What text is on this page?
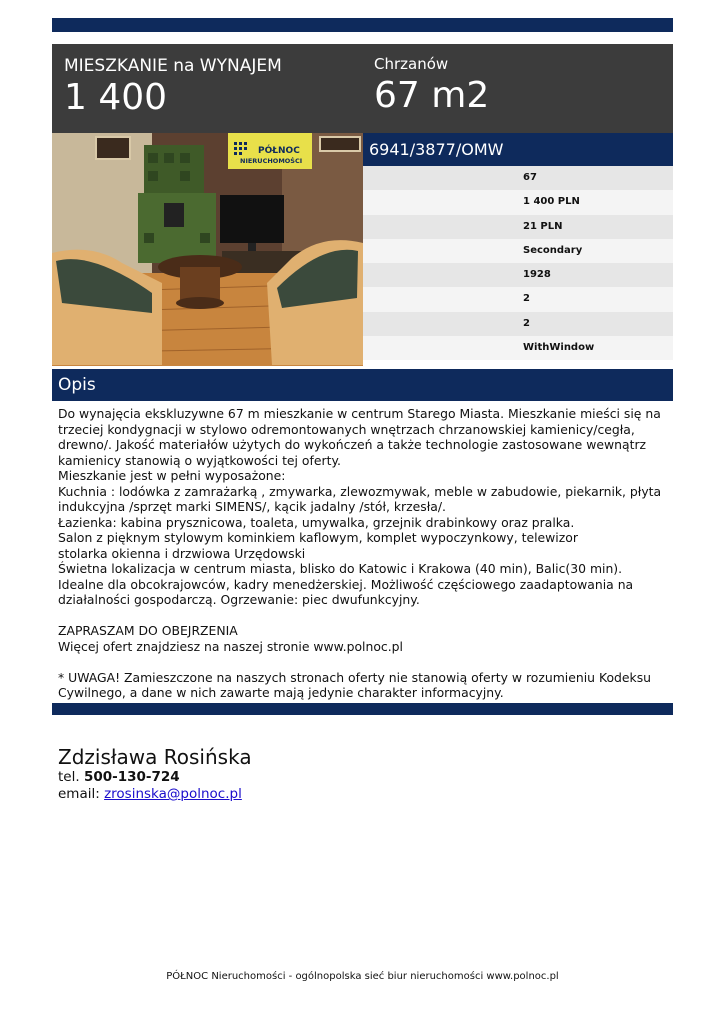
MIESZKANIE na WYNAJEM
1 400
Chrzanów
67 m2
PÓŁNOC
NIERUCHOMOŚCI
6941/3877/OMW
67
1 400 PLN
21 PLN
Secondary
1928
2
2
WithWindow
Opis

Do wynajęcia ekskluzywne 67 m mieszkanie w centrum Starego Miasta. Mieszkanie mieści się na trzeciej kondygnacji w stylowo odremontowanych wnętrzach chrzanowskiej kamienicy/cegła, drewno/. Jakość materiałów użytych do wykończeń a także technologie zastosowane wewnątrz kamienicy stanowią o wyjątkowości tej oferty.

Mieszkanie jest w pełni wyposażone:

Kuchnia : lodówka z zamrażarką , zmywarka, zlewozmywak, meble w zabudowie, piekarnik, płyta indukcyjna /sprzęt marki SIMENS/, kącik jadalny /stół, krzesła/.

Łazienka: kabina prysznicowa, toaleta, umywalka, grzejnik drabinkowy oraz pralka.

Salon z pięknym stylowym kominkiem kaflowym, komplet wypoczynkowy, telewizor

stolarka okienna i drzwiowa Urzędowski

Świetna lokalizacja w centrum miasta, blisko do Katowic i Krakowa (40 min), Balic(30 min). Idealne dla obcokrajowców, kadry menedżerskiej. Możliwość częściowego zaadaptowania na działalności gospodarczą. Ogrzewanie: piec dwufunkcyjny.

ZAPRASZAM DO OBEJRZENIA

Więcej ofert znajdziesz na naszej stronie www.polnoc.pl

* UWAGA! Zamieszczone na naszych stronach oferty nie stanowią oferty w rozumieniu Kodeksu Cywilnego, a dane w nich zawarte mają jedynie charakter informacyjny.

Zdzisława Rosińska
tel. 500-130-724
email: zrosinska@polnoc.pl
PÓŁNOC Nieruchomości - ogólnopolska sieć biur nieruchomości www.polnoc.pl
